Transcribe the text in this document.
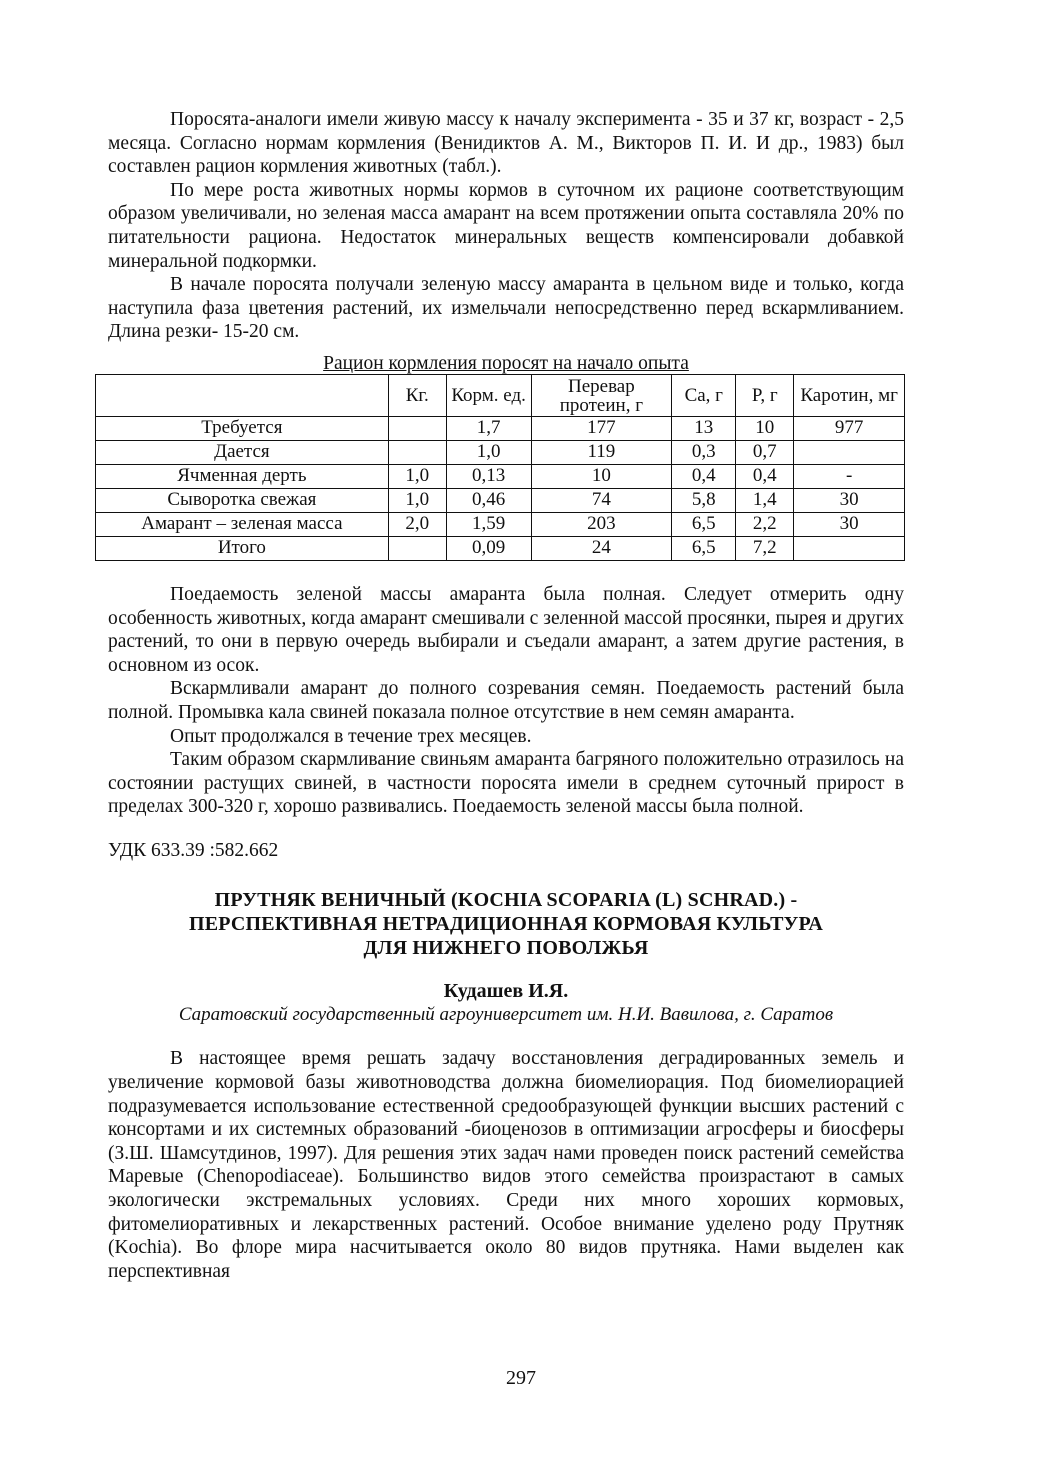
Поросята-аналоги имели живую массу к началу эксперимента - 35 и 37 кг, возраст - 2,5 месяца. Согласно нормам кормления (Венидиктов А. М., Викторов П. И. И др., 1983) был составлен рацион кормления животных (табл.).

По мере роста животных нормы кормов в суточном их рационе соответствующим образом увеличивали, но зеленая масса амарант на всем протяжении опыта составляла 20% по питательности рациона. Недостаток минеральных веществ компенсировали добавкой минеральной подкормки.

В начале поросята получали зеленую массу амаранта в цельном виде и только, когда наступила фаза цветения растений, их измельчали непосредственно перед вскармливанием. Длина резки- 15-20 см.

Рацион кормления поросят на начало опыта
	Кг.	Корм. ед.	Перевар протеин, г	Ca, г	P, г	Каротин, мг
Требуется		1,7	177	13	10	977
Дается		1,0	119	0,3	0,7	
Ячменная дерть	1,0	0,13	10	0,4	0,4	-
Сыворотка свежая	1,0	0,46	74	5,8	1,4	30
Амарант – зеленая масса	2,0	1,59	203	6,5	2,2	30
Итого		0,09	24	6,5	7,2	

Поедаемость зеленой массы амаранта была полная. Следует отмерить одну особенность животных, когда амарант смешивали с зеленной массой просянки, пырея и других растений, то они в первую очередь выбирали и съедали амарант, а затем другие растения, в основном из осок.

Вскармливали амарант до полного созревания семян. Поедаемость растений была полной. Промывка кала свиней показала полное отсутствие в нем семян амаранта.

Опыт продолжался в течение трех месяцев.

Таким образом скармливание свиньям амаранта багряного положительно отразилось на состоянии растущих свиней, в частности поросята имели в среднем суточный прирост в пределах 300-320 г, хорошо развивались. Поедаемость зеленой массы была полной.

УДК 633.39 :582.662

ПРУТНЯК ВЕНИЧНЫЙ (KOCHIA SCOPARIA (L) SCHRAD.) -
ПЕРСПЕКТИВНАЯ НЕТРАДИЦИОННАЯ КОРМОВАЯ КУЛЬТУРА
ДЛЯ НИЖНЕГО ПОВОЛЖЬЯ
Кудашев И.Я.
Саратовский государственный агроуниверситет им. Н.И. Вавилова, г. Саратов

В настоящее время решать задачу восстановления деградированных земель и увеличение кормовой базы животноводства должна биомелиорация. Под биомелиорацией подразумевается использование естественной средообразующей функции высших растений с консортами и их системных образований -биоценозов в оптимизации агросферы и биосферы (З.Ш. Шамсутдинов, 1997). Для решения этих задач нами проведен поиск растений семейства Маревые (Chenopodiaceae). Большинство видов этого семейства произрастают в самых экологически экстремальных условиях. Среди них много хороших кормовых, фитомелиоративных и лекарственных растений. Особое внимание уделено роду Прутняк (Kochia). Во флоре мира насчитывается около 80 видов прутняка. Нами выделен как перспективная

297
